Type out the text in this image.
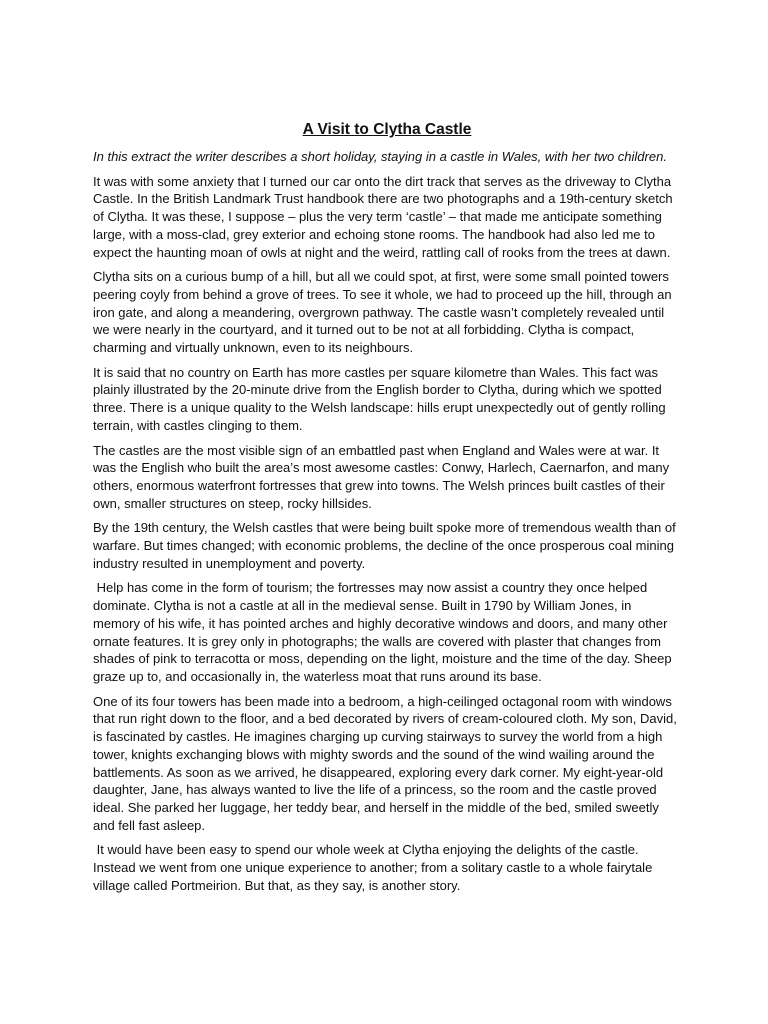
A Visit to Clytha Castle

In this extract the writer describes a short holiday, staying in a castle in Wales, with her two children.

It was with some anxiety that I turned our car onto the dirt track that serves as the driveway to Clytha Castle. In the British Landmark Trust handbook there are two photographs and a 19th-century sketch of Clytha. It was these, I suppose – plus the very term ‘castle’ – that made me anticipate something large, with a moss-clad, grey exterior and echoing stone rooms. The handbook had also led me to expect the haunting moan of owls at night and the weird, rattling call of rooks from the trees at dawn.

Clytha sits on a curious bump of a hill, but all we could spot, at first, were some small pointed towers peering coyly from behind a grove of trees. To see it whole, we had to proceed up the hill, through an iron gate, and along a meandering, overgrown pathway. The castle wasn’t completely revealed until we were nearly in the courtyard, and it turned out to be not at all forbidding. Clytha is compact, charming and virtually unknown, even to its neighbours.

It is said that no country on Earth has more castles per square kilometre than Wales. This fact was plainly illustrated by the 20-minute drive from the English border to Clytha, during which we spotted three. There is a unique quality to the Welsh landscape: hills erupt unexpectedly out of gently rolling terrain, with castles clinging to them.

The castles are the most visible sign of an embattled past when England and Wales were at war. It was the English who built the area’s most awesome castles: Conwy, Harlech, Caernarfon, and many others, enormous waterfront fortresses that grew into towns. The Welsh princes built castles of their own, smaller structures on steep, rocky hillsides.

By the 19th century, the Welsh castles that were being built spoke more of tremendous wealth than of warfare. But times changed; with economic problems, the decline of the once prosperous coal mining industry resulted in unemployment and poverty.

Help has come in the form of tourism; the fortresses may now assist a country they once helped dominate. Clytha is not a castle at all in the medieval sense. Built in 1790 by William Jones, in memory of his wife, it has pointed arches and highly decorative windows and doors, and many other ornate features. It is grey only in photographs; the walls are covered with plaster that changes from shades of pink to terracotta or moss, depending on the light, moisture and the time of the day. Sheep graze up to, and occasionally in, the waterless moat that runs around its base.

One of its four towers has been made into a bedroom, a high-ceilinged octagonal room with windows that run right down to the floor, and a bed decorated by rivers of cream-coloured cloth. My son, David, is fascinated by castles. He imagines charging up curving stairways to survey the world from a high tower, knights exchanging blows with mighty swords and the sound of the wind wailing around the battlements. As soon as we arrived, he disappeared, exploring every dark corner. My eight-year-old daughter, Jane, has always wanted to live the life of a princess, so the room and the castle proved ideal. She parked her luggage, her teddy bear, and herself in the middle of the bed, smiled sweetly and fell fast asleep.

It would have been easy to spend our whole week at Clytha enjoying the delights of the castle. Instead we went from one unique experience to another; from a solitary castle to a whole fairytale village called Portmeirion. But that, as they say, is another story.
